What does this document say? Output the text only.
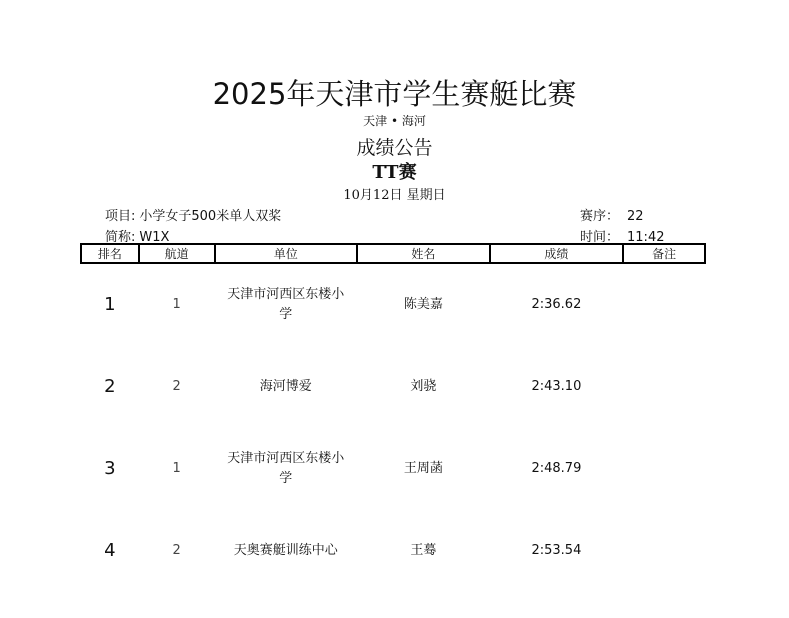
2025年天津市学生赛艇比赛
天津 • 海河
成绩公告
TT赛
10月12日 星期日
项目: 小学女子500米单人双桨
简称: W1X
赛序： 22
时间： 11:42
排名	航道	单位	姓名	成绩	备注
1	1	天津市河西区东楼小学	陈美嘉	2:36.62	
2	2	海河博爱	刘骁	2:43.10	
3	1	天津市河西区东楼小学	王周菡	2:48.79	
4	2	天奥赛艇训练中心	王蓦	2:53.54	
